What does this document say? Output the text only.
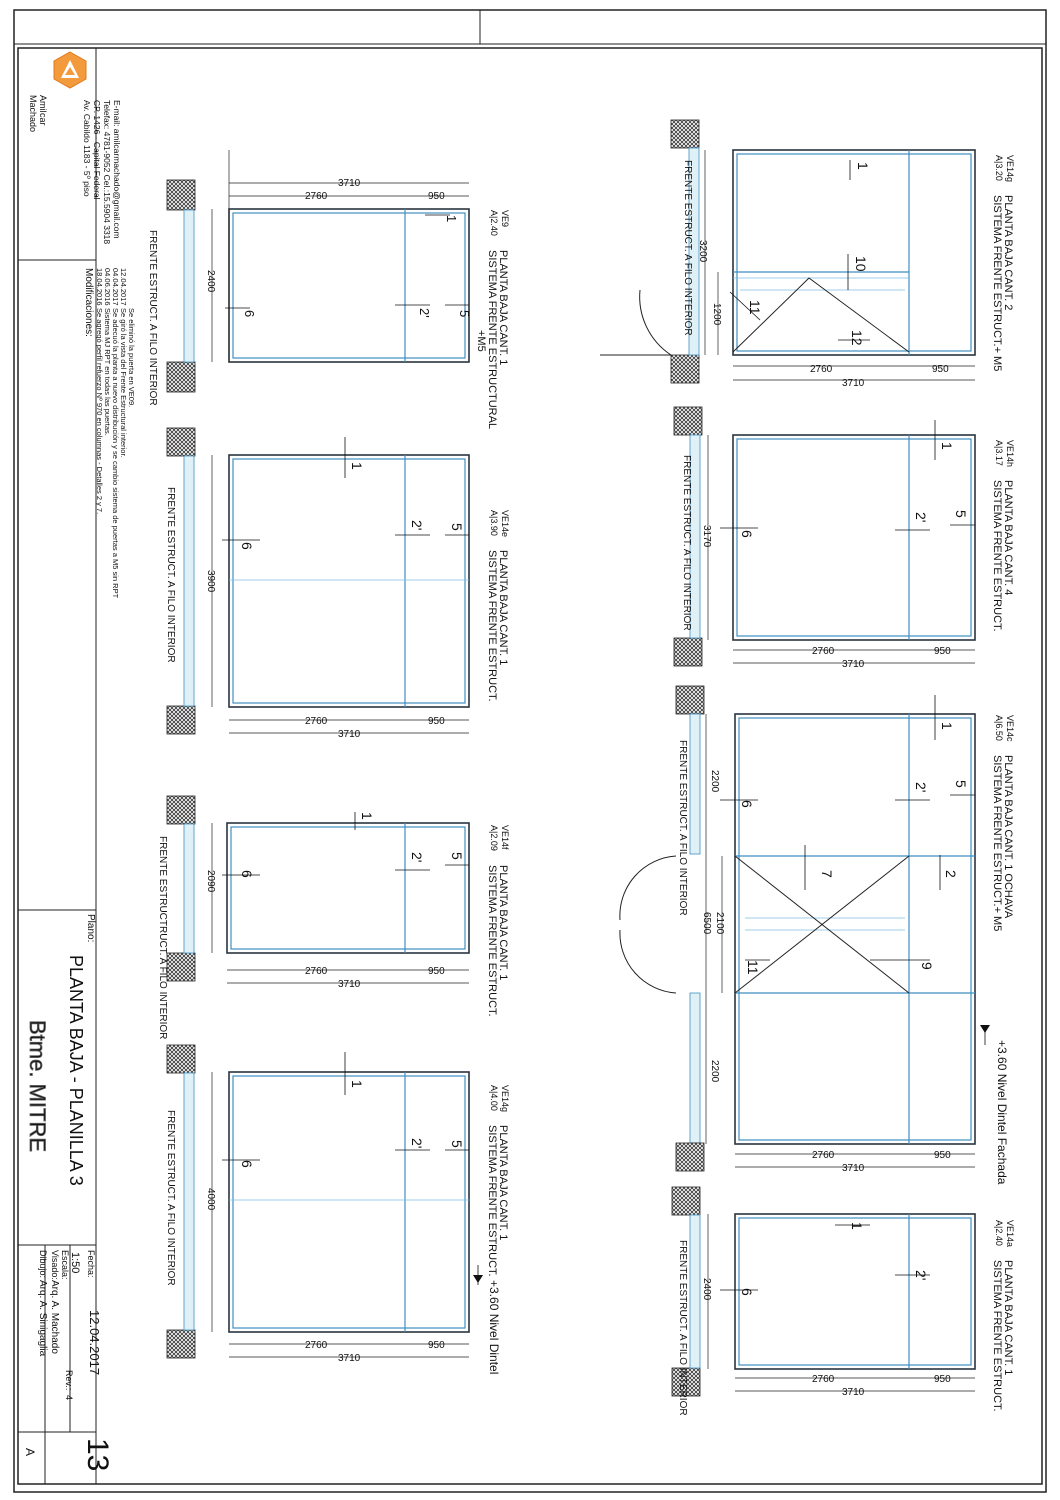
Amil
car
Machado	Av. Cabildo 1183 - 5º piso CP. 1426 - Capital Federal Telefax: 4781-9052 Cel.:15.5904 3318 E-mail: amilcarmachado@gmail.com
Modificaciones: 18.04.2016
Se agregó perfil refuerzo Nº 970 en columnas - Detalles 2 y 7.
04.06.2016
Sistema MJ RPT en todas las puertas.
04.04.2017
Se adecuó la planta a nuevo distribución y se cambio sistema de puertas a M5 sin RPT
12.04.2017
Se giró la vista del Frente Estructural interior. Se eliminó la puerta en VE09.
Plano:
PLANTA BAJA - PLANILLA 3
Btme. MITRE
Fecha:
12.04.2017
Escala: 1:50
Rev.:
4
Dibujo:
Arq. A. Sinigaglia
Visado:
Arq. A. Machado
13
A
PLANTA BAJA CANT. 2
SISTEMA FRENTE ESTRUCT.+ M5
VE14g
A|3.20
3200
1200
FRENTE ESTRUCT. A FILO INTERIOR
2760	950
3710
1
10
11
12
PLANTA BAJA CANT. 4
SISTEMA FRENTE ESTRUCT.
VE14h
A|3.17
3170
FRENTE ESTRUCT. A FILO INTERIOR
2760	950
3710
1
2' 5
6
PLANTA BAJA CANT. 1 OCHAVA
SISTEMA FRENTE ESTRUCT.+ M5
VE14c
A|6.50
+3.60 Nivel Dintel Fachada
2200
2100
6500
2200
FRENTE ESTRUCT. A FILO INTERIOR
2760	950
3710
1
2' 5
6
7	2
9
11
PLANTA BAJA CANT. 1
SISTEMA FRENTE ESTRUCT.
VE14a
A|2.40
2400
FRENTE ESTRUCT. A FILO INTERIOR	2760	950
3710
1
2'
6
PLANTA BAJA CANT. 1
SISTEMA FRENTE ESTRUCTURAL
+M5
VE9
A|2.40
2400
FRENTE ESTRUCT. A FILO INTERIOR
2760	950
3710
1
2' 5
6
PLANTA BAJA CANT. 1
SISTEMA FRENTE ESTRUCT.
VE14e
A|3.90
3900
FRENTE ESTRUCT. A FILO INTERIOR
2760	950
3710
1
2' 5
6
PLANTA BAJA CANT. 1
SISTEMA FRENTE ESTRUCT.
VE14f
A|2.09
2090
FRENTE ESTRUCTRUCT. A FILO INTERIOR	2760	950
3710
1
2' 5
6
PLANTA BAJA CANT. 1
SISTEMA FRENTE ESTRUCT.
VE14g
A|4.00
+3.60 Nivel Dintel
4000
FRENTE ESTRUCT. A FILO INTERIOR
2760	950
3710
1
2' 5
6
